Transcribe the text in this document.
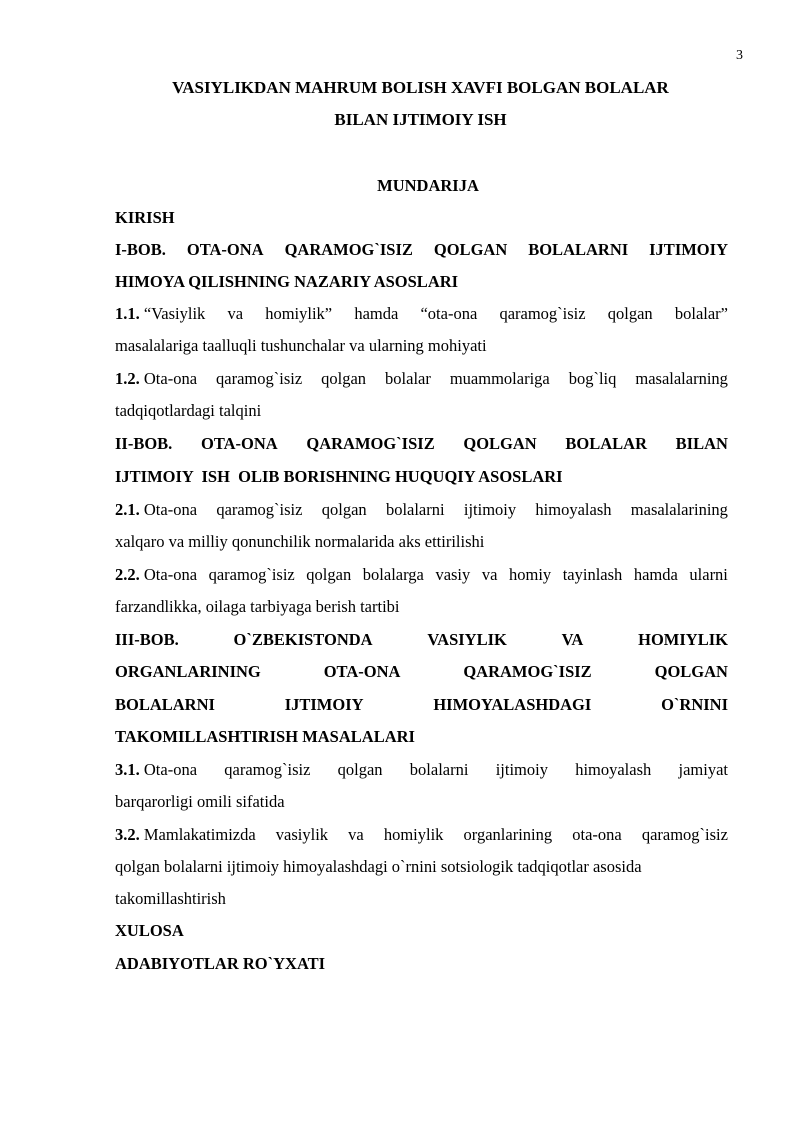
3
VASIYLIKDAN MAHRUM BOLISH XAVFI BOLGAN BOLALAR
BILAN IJTIMOIY ISH
MUNDARIJA
KIRISH
I-BOB. OTA-ONA QARAMOG`ISIZ QOLGAN BOLALARNI IJTIMOIY
HIMOYA QILISHNING NAZARIY ASOSLARI
1.1. “Vasiylik va homiylik” hamda “ota-ona qaramog`isiz qolgan bolalar”
masalalariga taalluqli tushunchalar va ularning mohiyati
1.2. Ota-ona qaramog`isiz qolgan bolalar muammolariga bog`liq masalalarning
tadqiqotlardagi talqini
II-BOB. OTA-ONA QARAMOG`ISIZ QOLGAN BOLALAR BILAN
IJTIMOIY  ISH  OLIB BORISHNING HUQUQIY ASOSLARI
2.1. Ota-ona qaramog`isiz qolgan bolalarni ijtimoiy himoyalash masalalarining
xalqaro va milliy qonunchilik normalarida aks ettirilishi
2.2. Ota-ona qaramog`isiz qolgan bolalarga vasiy va homiy tayinlash hamda ularni
farzandlikka, oilaga tarbiyaga berish tartibi
III-BOB.	O`ZBEKISTONDA	VASIYLIK	VA	HOMIYLIK
ORGANLARINING	OTA-ONA	QARAMOG`ISIZ	QOLGAN
BOLALARNI	IJTIMOIY	HIMOYALASHDAGI	O`RNINI
TAKOMILLASHTIRISH MASALALARI
3.1. Ota-ona qaramog`isiz qolgan bolalarni ijtimoiy himoyalash jamiyat
barqarorligi omili sifatida
3.2. Mamlakatimizda vasiylik va homiylik organlarining ota-ona qaramog`isiz
qolgan bolalarni ijtimoiy himoyalashdagi o`rnini sotsiologik tadqiqotlar asosida
takomillashtirish
XULOSA
ADABIYOTLAR RO`YXATI
